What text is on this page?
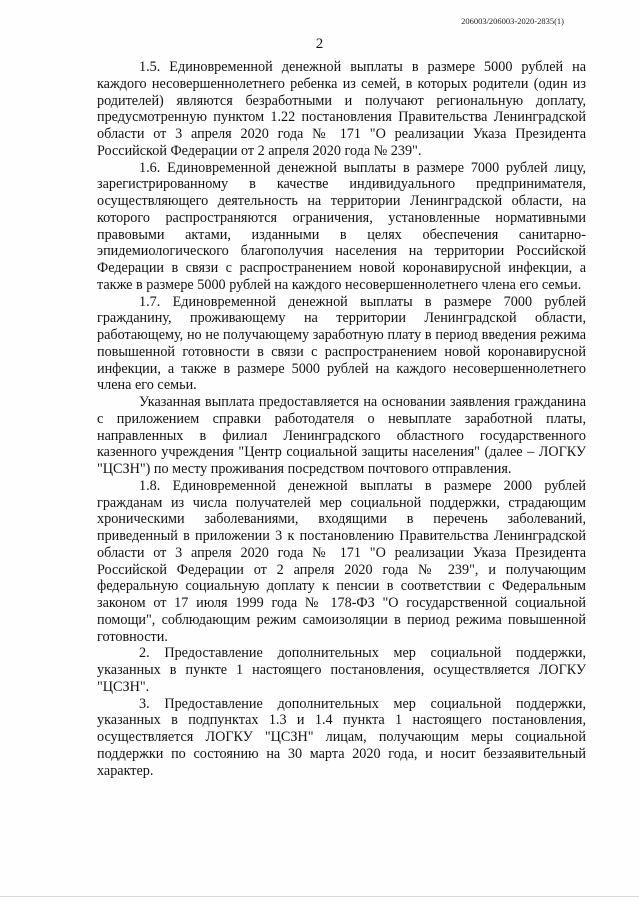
206003/206003-2020-2835(1)
2

1.5. Единовременной денежной выплаты в размере 5000 рублей на каждого несовершеннолетнего ребенка из семей, в которых родители (один из родителей) являются безработными и получают региональную доплату, предусмотренную пунктом 1.22 постановления Правительства Ленинградской области от 3 апреля 2020 года № 171 "О реализации Указа Президента Российской Федерации от 2 апреля 2020 года № 239".

1.6. Единовременной денежной выплаты в размере 7000 рублей лицу, зарегистрированному в качестве индивидуального предпринимателя, осуществляющего деятельность на территории Ленинградской области, на которого распространяются ограничения, установленные нормативными правовыми актами, изданными в целях обеспечения санитарно-эпидемиологического благополучия населения на территории Российской Федерации в связи с распространением новой коронавирусной инфекции, а также в размере 5000 рублей на каждого несовершеннолетнего члена его семьи.

1.7. Единовременной денежной выплаты в размере 7000 рублей гражданину, проживающему на территории Ленинградской области, работающему, но не получающему заработную плату в период введения режима повышенной готовности в связи с распространением новой коронавирусной инфекции, а также в размере 5000 рублей на каждого несовершеннолетнего члена его семьи.

Указанная выплата предоставляется на основании заявления гражданина с приложением справки работодателя о невыплате заработной платы, направленных в филиал Ленинградского областного государственного казенного учреждения "Центр социальной защиты населения" (далее – ЛОГКУ "ЦСЗН") по месту проживания посредством почтового отправления.

1.8. Единовременной денежной выплаты в размере 2000 рублей гражданам из числа получателей мер социальной поддержки, страдающим хроническими заболеваниями, входящими в перечень заболеваний, приведенный в приложении 3 к постановлению Правительства Ленинградской области от 3 апреля 2020 года № 171 "О реализации Указа Президента Российской Федерации от 2 апреля 2020 года № 239", и получающим федеральную социальную доплату к пенсии в соответствии с Федеральным законом от 17 июля 1999 года № 178-ФЗ "О государственной социальной помощи", соблюдающим режим самоизоляции в период режима повышенной готовности.

2. Предоставление дополнительных мер социальной поддержки, указанных в пункте 1 настоящего постановления, осуществляется ЛОГКУ "ЦСЗН".

3. Предоставление дополнительных мер социальной поддержки, указанных в подпунктах 1.3 и 1.4 пункта 1 настоящего постановления, осуществляется ЛОГКУ "ЦСЗН" лицам, получающим меры социальной поддержки по состоянию на 30 марта 2020 года, и носит беззаявительный характер.
